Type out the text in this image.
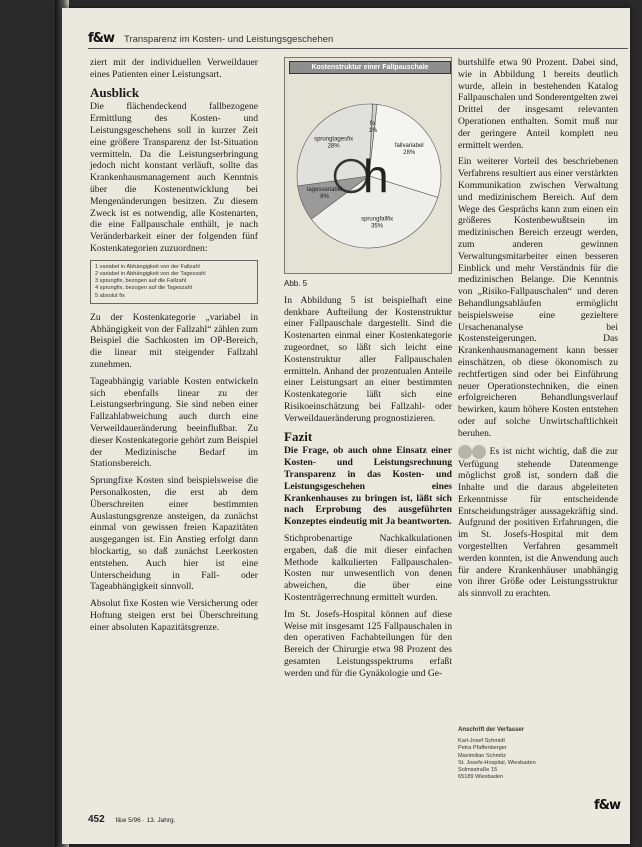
f&w Transparenz im Kosten- und Leistungsgeschehen

ziert mit der individuellen Verweildauer eines Patienten einer Leistungsart.

Ausblick

Die flächendeckend fallbezogene Ermittlung des Kosten- und Leistungsgeschehens soll in kurzer Zeit eine größere Transparenz der Ist-Situation vermitteln. Da die Leistungserbringung jedoch nicht konstant verläuft, sollte das Krankenhausmanagement auch Kenntnis über die Kostenentwicklung bei Mengenänderungen besitzen. Zu diesem Zweck ist es notwendig, alle Kostenarten, die eine Fallpauschale enthält, je nach Veränderbarkeit einer der folgenden fünf Kostenkategorien zuzuordnen:

1 variabel in Abhängigkeit von der Fallzahl
2 variabel in Abhängigkeit von der Tageszahl
3 sprungfix, bezogen auf die Fallzahl
4 sprungfix, bezogen auf die Tageszahl
5 absolut fix

Zu der Kostenkategorie „variabel in Abhängigkeit von der Fallzahl“ zählen zum Beispiel die Sachkosten im OP-Bereich, die linear mit steigender Fallzahl zunehmen.

Tageabhängig variable Kosten entwickeln sich ebenfalls linear zu der Leistungserbringung. Sie sind neben einer Fallzahlabweichung auch durch eine Verweildaueränderung beeinflußbar. Zu dieser Kostenkategorie gehört zum Beispiel der Medizinische Bedarf im Stationsbereich.

Sprungfixe Kosten sind beispielsweise die Personalkosten, die erst ab dem Überschreiten einer bestimmten Auslastungsgrenze ansteigen, da zunächst einmal von gewissen freien Kapazitäten ausgegangen ist. Ein Anstieg erfolgt dann blockartig, so daß zunächst Leerkosten entstehen. Auch hier ist eine Unterscheidung in Fall- oder Tageabhängigkeit sinnvoll.

Absolut fixe Kosten wie Versicherung oder Hoftung steigen erst bei Überschreitung einer absoluten Kapazitätsgrenze.

Kostenstruktur einer Fallpauschale
h
fix 1%
fallvariabel 28%
sprungfallfix 35%
tagesvariabel 8%
sprungtagesfix 28%

Abb. 5

In Abbildung 5 ist beispielhaft eine denkbare Aufteilung der Kostenstruktur einer Fallpauschale dargestellt. Sind die Kostenarten einmal einer Kostenkategorie zugeordnet, so läßt sich leicht eine Kostenstruktur aller Fallpauschalen ermitteln. Anhand der prozentualen Anteile einer Leistungsart an einer bestimmten Kostenkategorie läßt sich eine Risikoeinschätzung bei Fallzahl- oder Verweildaueränderung prognostizieren.

Fazit

Die Frage, ob auch ohne Einsatz einer Kosten- und Leistungsrechnung Transparenz in das Kosten- und Leistungsgeschehen eines Krankenhauses zu bringen ist, läßt sich nach Erprobung des ausgeführten Konzeptes eindeutig mit Ja beantworten.

Stichprobenartige Nachkalkulationen ergaben, daß die mit dieser einfachen Methode kalkulierten Fallpauschalen-Kosten nur unwesentlich von denen abweichen, die über eine Kostenträgerrechnung ermittelt wurden.

Im St. Josefs-Hospital können auf diese Weise mit insgesamt 125 Fallpauschalen in den operativen Fachabteilungen für den Bereich der Chirurgie etwa 98 Prozent des gesamten Leistungsspektrums erfaßt werden und für die Gynäkologie und Ge-

burtshilfe etwa 90 Prozent. Dabei sind, wie in Abbildung 1 bereits deutlich wurde, allein in bestehenden Katalog Fallpauschalen und Sonderentgelten zwei Drittel der insgesamt relevanten Operationen enthalten. Somit muß nur der geringere Anteil komplett neu ermittelt werden.

Ein weiterer Vorteil des beschriebenen Verfahrens resultiert aus einer verstärkten Kommunikation zwischen Verwaltung und medizinischem Bereich. Auf dem Wege des Gesprächs kann zum einen ein größeres Kostenbewußtsein im medizinischen Bereich erzeugt werden, zum anderen gewinnen Verwaltungsmitarbeiter einen besseren Einblick und mehr Verständnis für die medizinischen Belange. Die Kenntnis von „Risiko-Fallpauschalen“ und deren Behandlungsabläufen ermöglicht beispielsweise eine gezieltere Ursachenanalyse bei Kostensteigerungen. Das Krankenhausmanagement kann besser einschätzen, ob diese ökonomisch zu rechtfertigen sind oder bei Einführung neuer Operationstechniken, die einen erfolgreicheren Behandlungsverlauf bewirken, kaum höhere Kosten entstehen oder auf solche Unwirtschaftlichkeit beruhen.

Es ist nicht wichtig, daß die zur Verfügung stehende Datenmenge möglichst groß ist, sondern daß die Inhalte und die daraus abgeleiteten Erkenntnisse für entscheidende Entscheidungsträger aussagekräftig sind. Aufgrund der positiven Erfahrungen, die im St. Josefs-Hospital mit dem vorgestellten Verfahren gesammelt werden konnten, ist die Anwendung auch für andere Krankenhäuser unabhängig von ihrer Größe oder Leistungsstruktur als sinnvoll zu erachten.

Anschrift der Verfasser
Karl-Josef Schmidt
Petra Pfaffenberger
Maximilian Schmitz
St. Josefs-Hospital, Wiesbaden
Solmsstraße 15
65189 Wiesbaden
452 f&w 5/96 · 13. Jahrg.
f&w
